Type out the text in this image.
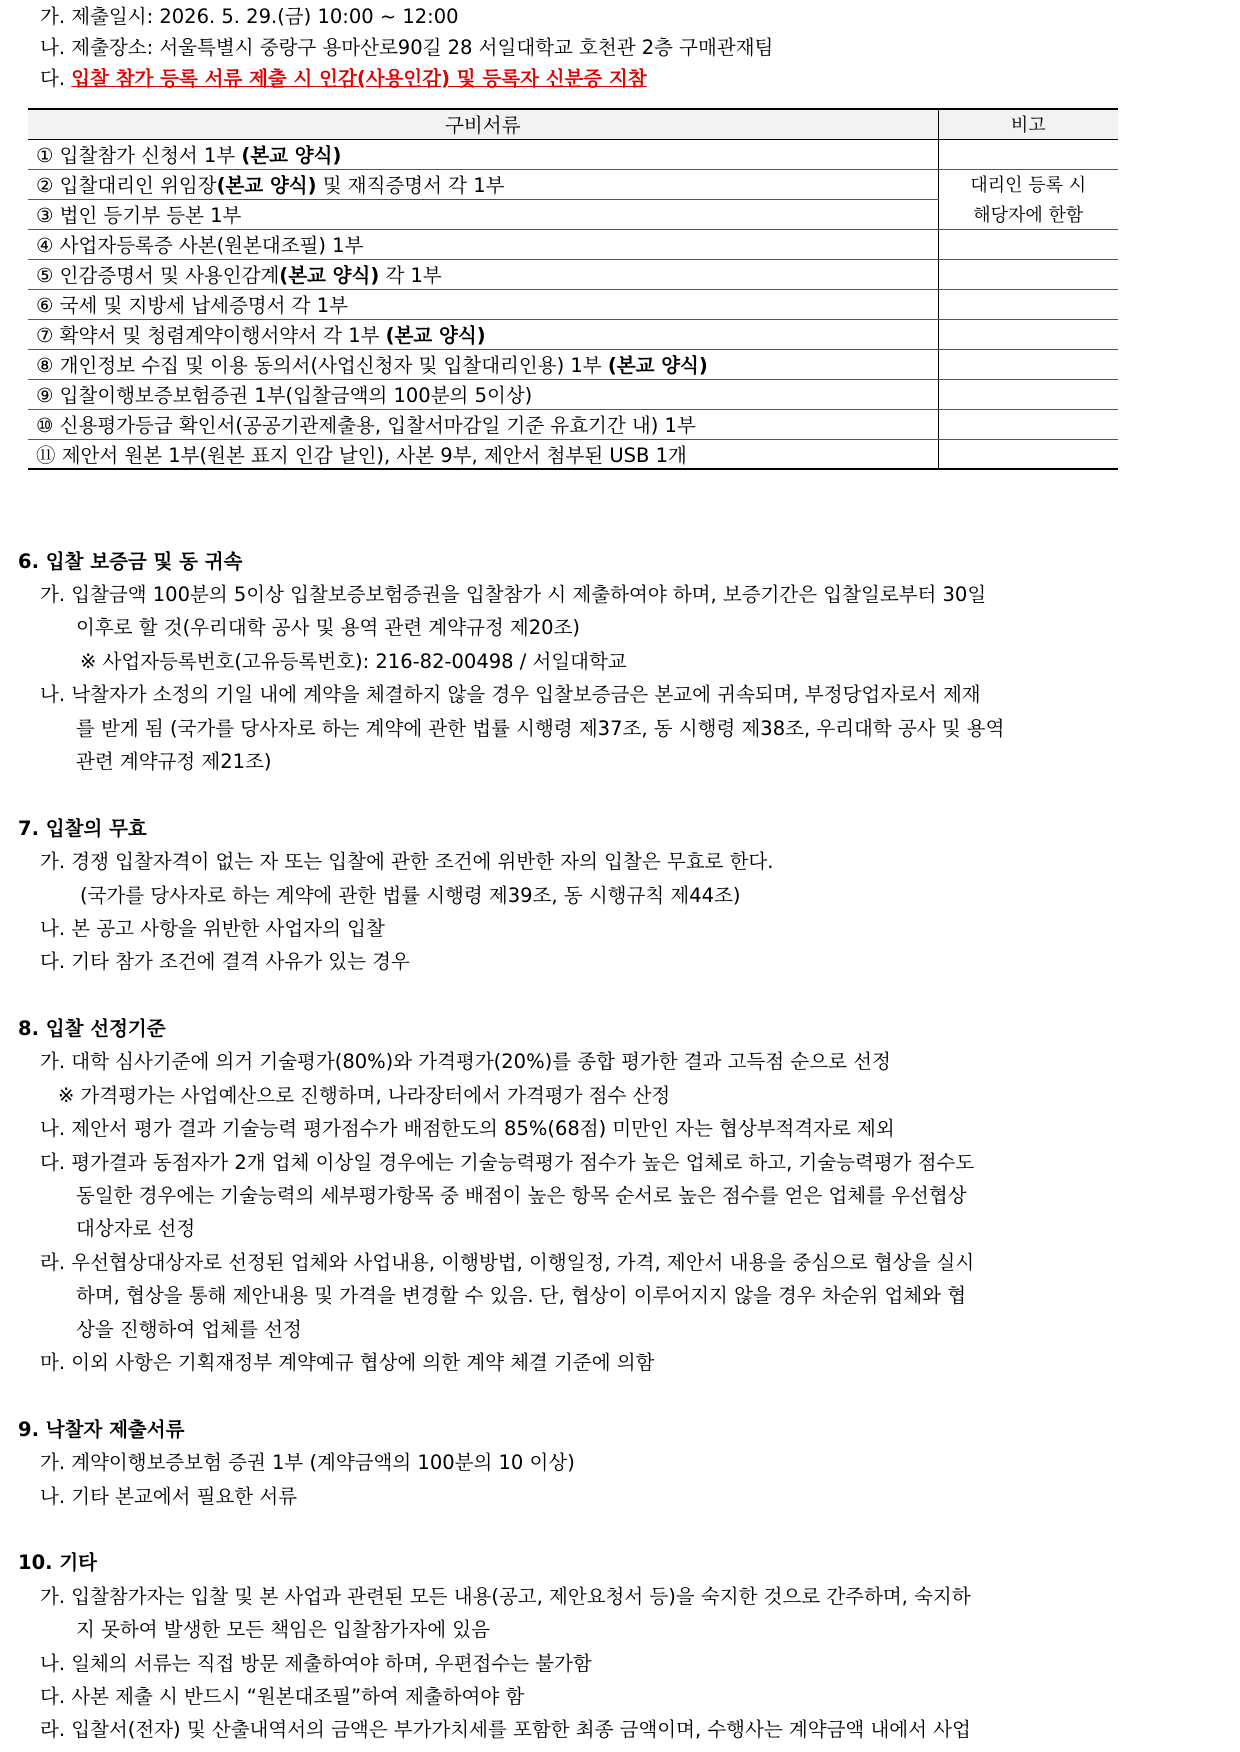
가. 제출일시: 2026. 5. 29.(금) 10:00 ~ 12:00
나. 제출장소: 서울특별시 중랑구 용마산로90길 28 서일대학교 호천관 2층 구매관재팀
다. 입찰 참가 등록 서류 제출 시 인감(사용인감) 및 등록자 신분증 지참
구비서류	비고
① 입찰참가 신청서 1부 (본교 양식)	
② 입찰대리인 위임장(본교 양식) 및 재직증명서 각 1부	대리인 등록 시
③ 법인 등기부 등본 1부	해당자에 한함
④ 사업자등록증 사본(원본대조필) 1부	
⑤ 인감증명서 및 사용인감계(본교 양식) 각 1부	
⑥ 국세 및 지방세 납세증명서 각 1부	
⑦ 확약서 및 청렴계약이행서약서 각 1부 (본교 양식)	
⑧ 개인정보 수집 및 이용 동의서(사업신청자 및 입찰대리인용) 1부 (본교 양식)	
⑨ 입찰이행보증보험증권 1부(입찰금액의 100분의 5이상)	
⑩ 신용평가등급 확인서(공공기관제출용, 입찰서마감일 기준 유효기간 내) 1부	
⑪ 제안서 원본 1부(원본 표지 인감 날인), 사본 9부, 제안서 첨부된 USB 1개	
6. 입찰 보증금 및 동 귀속
가. 입찰금액 100분의 5이상 입찰보증보험증권을 입찰참가 시 제출하여야 하며, 보증기간은 입찰일로부터 30일
이후로 할 것(우리대학 공사 및 용역 관련 계약규정 제20조)
※ 사업자등록번호(고유등록번호): 216-82-00498 / 서일대학교
나. 낙찰자가 소정의 기일 내에 계약을 체결하지 않을 경우 입찰보증금은 본교에 귀속되며, 부정당업자로서 제재
를 받게 됨 (국가를 당사자로 하는 계약에 관한 법률 시행령 제37조, 동 시행령 제38조, 우리대학 공사 및 용역
관련 계약규정 제21조)
7. 입찰의 무효
가. 경쟁 입찰자격이 없는 자 또는 입찰에 관한 조건에 위반한 자의 입찰은 무효로 한다.
(국가를 당사자로 하는 계약에 관한 법률 시행령 제39조, 동 시행규칙 제44조)
나. 본 공고 사항을 위반한 사업자의 입찰
다. 기타 참가 조건에 결격 사유가 있는 경우
8. 입찰 선정기준
가. 대학 심사기준에 의거 기술평가(80%)와 가격평가(20%)를 종합 평가한 결과 고득점 순으로 선정
※ 가격평가는 사업예산으로 진행하며, 나라장터에서 가격평가 점수 산정
나. 제안서 평가 결과 기술능력 평가점수가 배점한도의 85%(68점) 미만인 자는 협상부적격자로 제외
다. 평가결과 동점자가 2개 업체 이상일 경우에는 기술능력평가 점수가 높은 업체로 하고, 기술능력평가 점수도
동일한 경우에는 기술능력의 세부평가항목 중 배점이 높은 항목 순서로 높은 점수를 얻은 업체를 우선협상
대상자로 선정
라. 우선협상대상자로 선정된 업체와 사업내용, 이행방법, 이행일정, 가격, 제안서 내용을 중심으로 협상을 실시
하며, 협상을 통해 제안내용 및 가격을 변경할 수 있음. 단, 협상이 이루어지지 않을 경우 차순위 업체와 협
상을 진행하여 업체를 선정
마. 이외 사항은 기획재정부 계약예규 협상에 의한 계약 체결 기준에 의함
9. 낙찰자 제출서류
가. 계약이행보증보험 증권 1부 (계약금액의 100분의 10 이상)
나. 기타 본교에서 필요한 서류
10. 기타
가. 입찰참가자는 입찰 및 본 사업과 관련된 모든 내용(공고, 제안요청서 등)을 숙지한 것으로 간주하며, 숙지하
지 못하여 발생한 모든 책임은 입찰참가자에 있음
나. 일체의 서류는 직접 방문 제출하여야 하며, 우편접수는 불가함
다. 사본 제출 시 반드시 “원본대조필”하여 제출하여야 함
라. 입찰서(전자) 및 산출내역서의 금액은 부가가치세를 포함한 최종 금액이며, 수행사는 계약금액 내에서 사업
